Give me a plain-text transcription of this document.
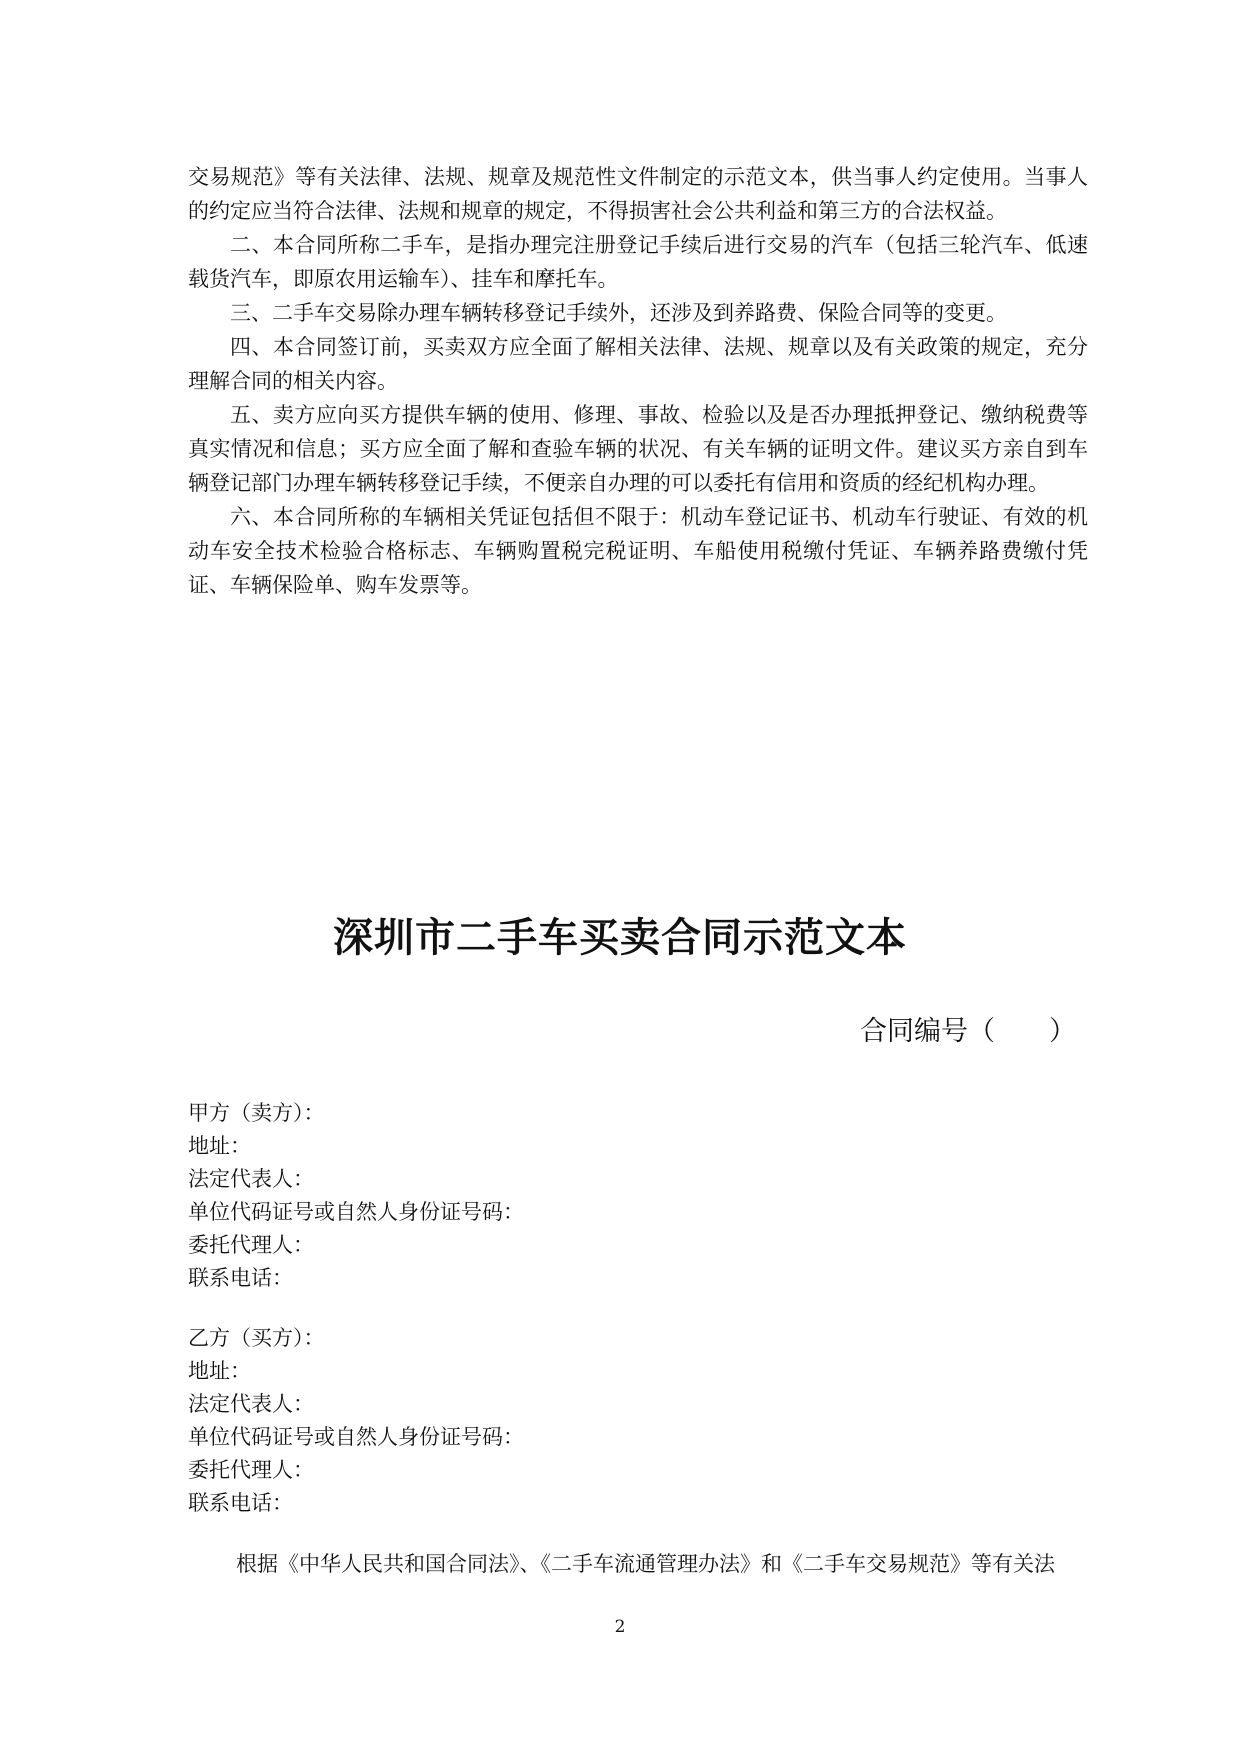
交易规范》等有关法律、法规、规章及规范性文件制定的示范文本，供当事人约定使用。当事人的约定应当符合法律、法规和规章的规定，不得损害社会公共利益和第三方的合法权益。

二、本合同所称二手车，是指办理完注册登记手续后进行交易的汽车（包括三轮汽车、低速载货汽车，即原农用运输车）、挂车和摩托车。

三、二手车交易除办理车辆转移登记手续外，还涉及到养路费、保险合同等的变更。

四、本合同签订前，买卖双方应全面了解相关法律、法规、规章以及有关政策的规定，充分理解合同的相关内容。

五、卖方应向买方提供车辆的使用、修理、事故、检验以及是否办理抵押登记、缴纳税费等真实情况和信息；买方应全面了解和查验车辆的状况、有关车辆的证明文件。建议买方亲自到车辆登记部门办理车辆转移登记手续，不便亲自办理的可以委托有信用和资质的经纪机构办理。

六、本合同所称的车辆相关凭证包括但不限于：机动车登记证书、机动车行驶证、有效的机动车安全技术检验合格标志、车辆购置税完税证明、车船使用税缴付凭证、车辆养路费缴付凭证、车辆保险单、购车发票等。

深圳市二手车买卖合同示范文本
合同编号（　　）
甲方（卖方）：
地址：
法定代表人：
单位代码证号或自然人身份证号码：
委托代理人：
联系电话：
乙方（买方）：
地址：
法定代表人：
单位代码证号或自然人身份证号码：
委托代理人：
联系电话：

根据《中华人民共和国合同法》、《二手车流通管理办法》和《二手车交易规范》等有关法

2
